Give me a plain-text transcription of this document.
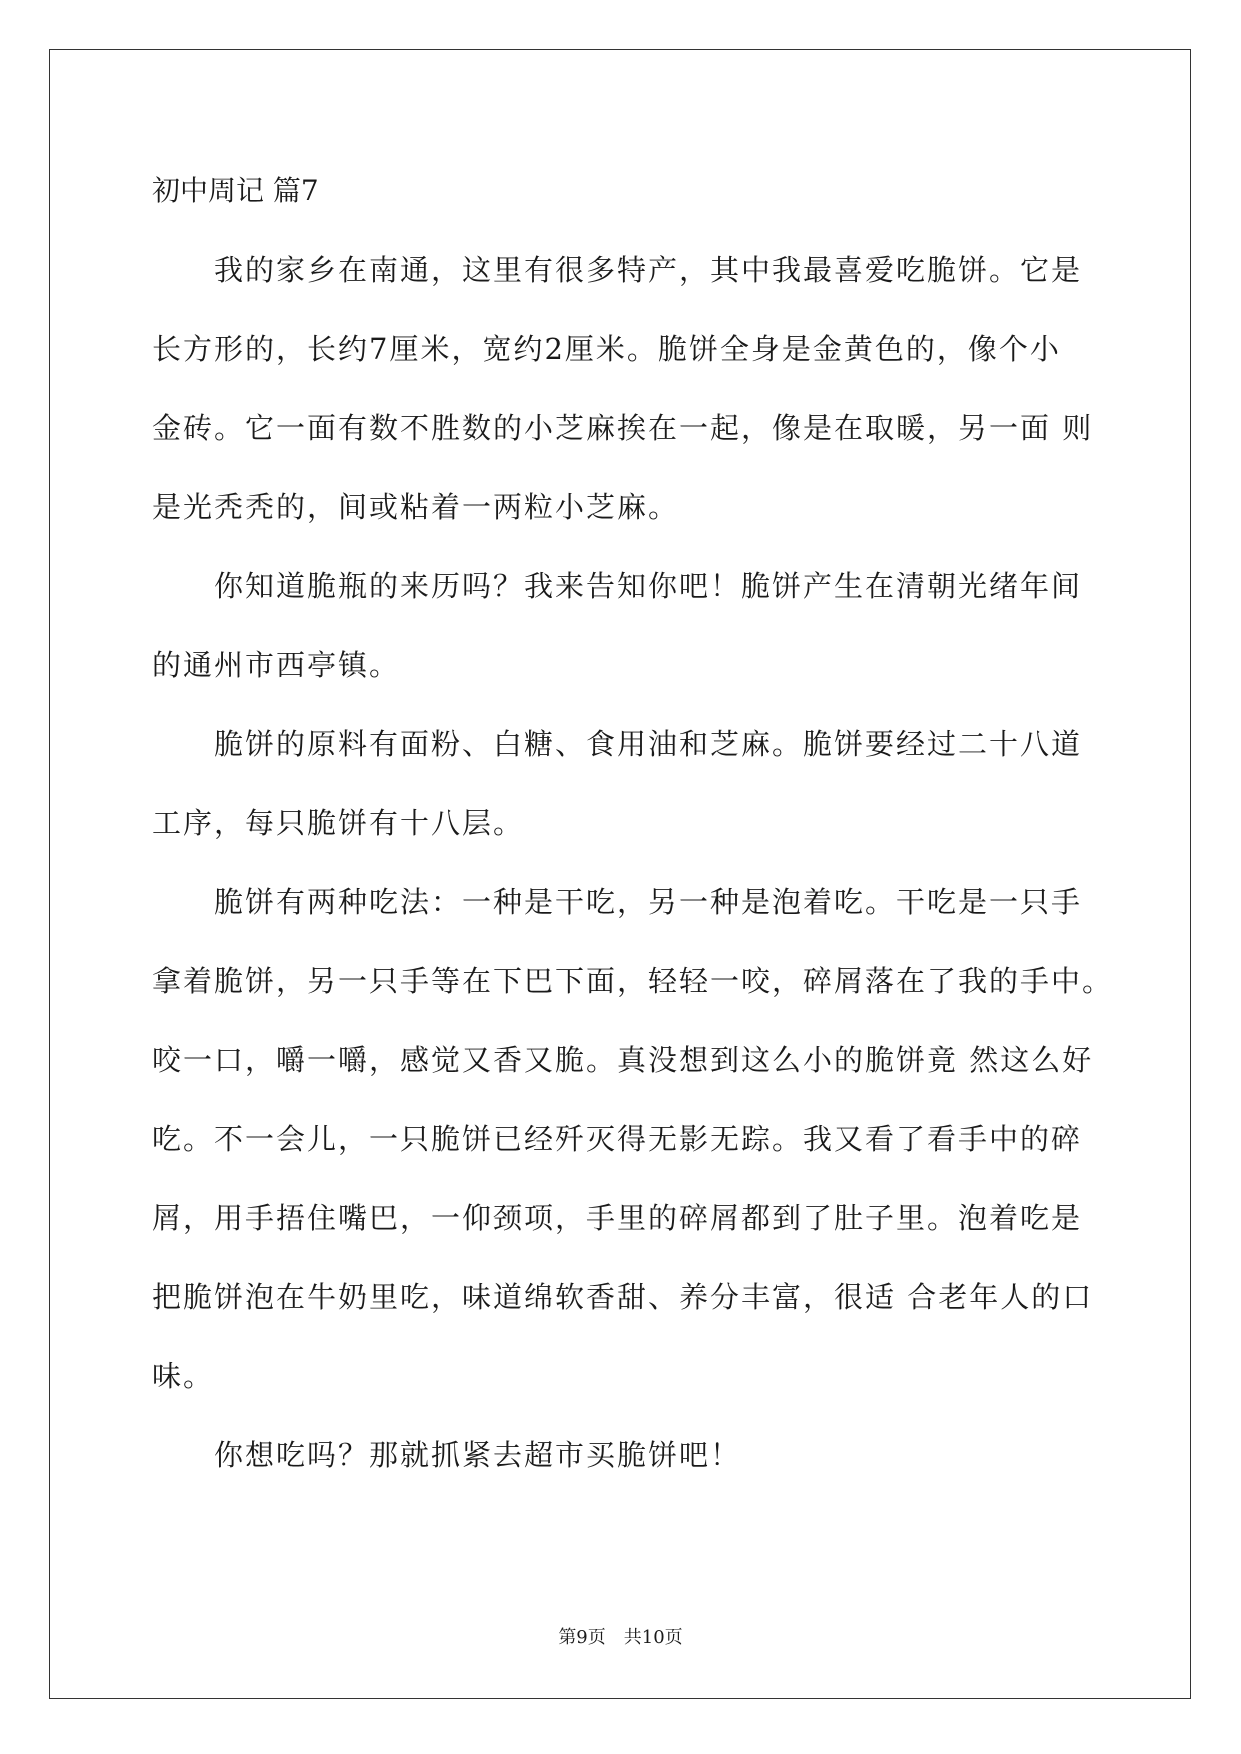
初中周记 篇7
我的家乡在南通，这里有很多特产，其中我最喜爱吃脆饼。它是
长方形的，长约7厘米，宽约2厘米。脆饼全身是金黄色的，像个小
金砖。它一面有数不胜数的小芝麻挨在一起，像是在取暖，另一面 则
是光秃秃的，间或粘着一两粒小芝麻。
你知道脆瓶的来历吗？我来告知你吧！脆饼产生在清朝光绪年间
的通州市西亭镇。
脆饼的原料有面粉、白糖、食用油和芝麻。脆饼要经过二十八道
工序，每只脆饼有十八层。
脆饼有两种吃法：一种是干吃，另一种是泡着吃。干吃是一只手
拿着脆饼，另一只手等在下巴下面，轻轻一咬，碎屑落在了我的手中。
咬一口，嚼一嚼，感觉又香又脆。真没想到这么小的脆饼竟 然这么好
吃。不一会儿，一只脆饼已经歼灭得无影无踪。我又看了看手中的碎
屑，用手捂住嘴巴，一仰颈项，手里的碎屑都到了肚子里。泡着吃是
把脆饼泡在牛奶里吃，味道绵软香甜、养分丰富，很适 合老年人的口
味。
你想吃吗？那就抓紧去超市买脆饼吧！
第9页 共10页
